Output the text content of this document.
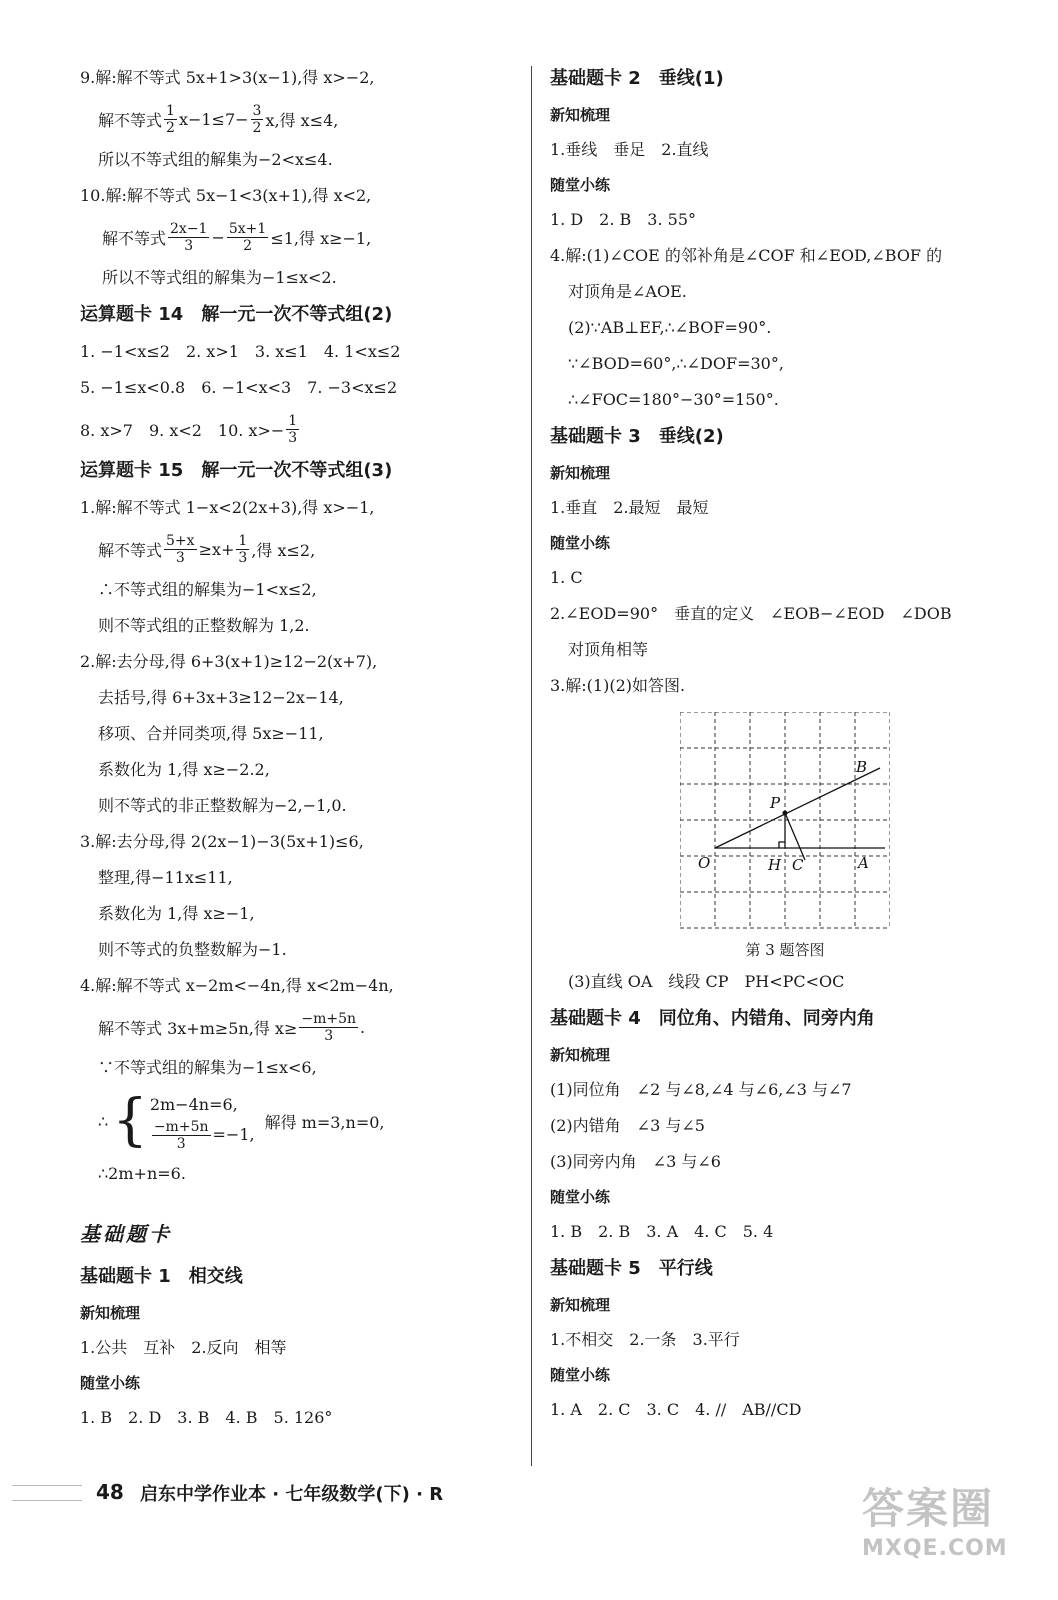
9.解:解不等式 5x+1>3(x−1),得 x>−2,
解不等式 $\frac{1}{2} x-1\le 7- \frac{3}{2} x$,得 x≤4,
所以不等式组的解集为−2<x≤4.
10.解:解不等式 5x−1<3(x+1),得 x<2,
解不等式 $\frac{2x-1}{3} - \frac{5x+1}{2} \le 1$,得 x≥−1,
所以不等式组的解集为−1≤x<2.
运算题卡 14　解一元一次不等式组(2)
1. −1<x≤2　2. x>1　3. x≤1　4. 1<x≤2
5. −1≤x<0.8　6. −1<x<3　7. −3<x≤2
8. x>7　9. x<2　10. $x>- \frac{1}{3}$
运算题卡 15　解一元一次不等式组(3)
1.解:解不等式 1−x<2(2x+3),得 x>−1,
解不等式 $\frac{5+x}{3} \ge x+ \frac{1}{3}$ ,得 x≤2,
∴不等式组的解集为−1<x≤2,
则不等式组的正整数解为 1,2.
2.解:去分母,得 6+3(x+1)≥12−2(x+7),
去括号,得 6+3x+3≥12−2x−14,
移项、合并同类项,得 5x≥−11,
系数化为 1,得 x≥−2.2,
则不等式的非正整数解为−2,−1,0.
3.解:去分母,得 2(2x−1)−3(5x+1)≤6,
整理,得−11x≤11,
系数化为 1,得 x≥−1,
则不等式的负整数解为−1.
4.解:解不等式 x−2m<−4n,得 x<2m−4n,
解不等式 3x+m≥5n,得 $x\ge \frac{-m+5n}{3}$ .
∵不等式组的解集为−1≤x<6,
∴ { 2m−4n=6,
$\frac{-m+5n}{3} =-1$,
解得 m=3,n=0,
∴2m+n=6.
基础题卡
基础题卡 1　相交线
新知梳理
1.公共　互补　2.反向　相等
随堂小练
1. B　2. D　3. B　4. B　5. 126°
基础题卡 2　垂线(1)
新知梳理
1.垂线　垂足　2.直线
随堂小练
1. D　2. B　3. 55°
4.解:(1)∠COE 的邻补角是∠COF 和∠EOD,∠BOF 的
对顶角是∠AOE.
(2)∵AB⊥EF,∴∠BOF=90°.
∵∠BOD=60°,∴∠DOF=30°,
∴∠FOC=180°−30°=150°.
基础题卡 3　垂线(2)
新知梳理
1.垂直　2.最短　最短
随堂小练
1. C
2.∠EOD=90°　垂直的定义　∠EOB−∠EOD　∠DOB
对顶角相等
3.解:(1)(2)如答图.
B
P
O	H C	A
第 3 题答图
(3)直线 OA　线段 CP　PH<PC<OC
基础题卡 4　同位角、内错角、同旁内角
新知梳理
(1)同位角　∠2 与∠8,∠4 与∠6,∠3 与∠7
(2)内错角　∠3 与∠5
(3)同旁内角　∠3 与∠6
随堂小练
1. B　2. B　3. A　4. C　5. 4
基础题卡 5　平行线
新知梳理
1.不相交　2.一条　3.平行
随堂小练
1. A　2. C　3. C　4. //　AB//CD
48 启东中学作业本 · 七年级数学(下) · R	答案圈
MXQE.COM
